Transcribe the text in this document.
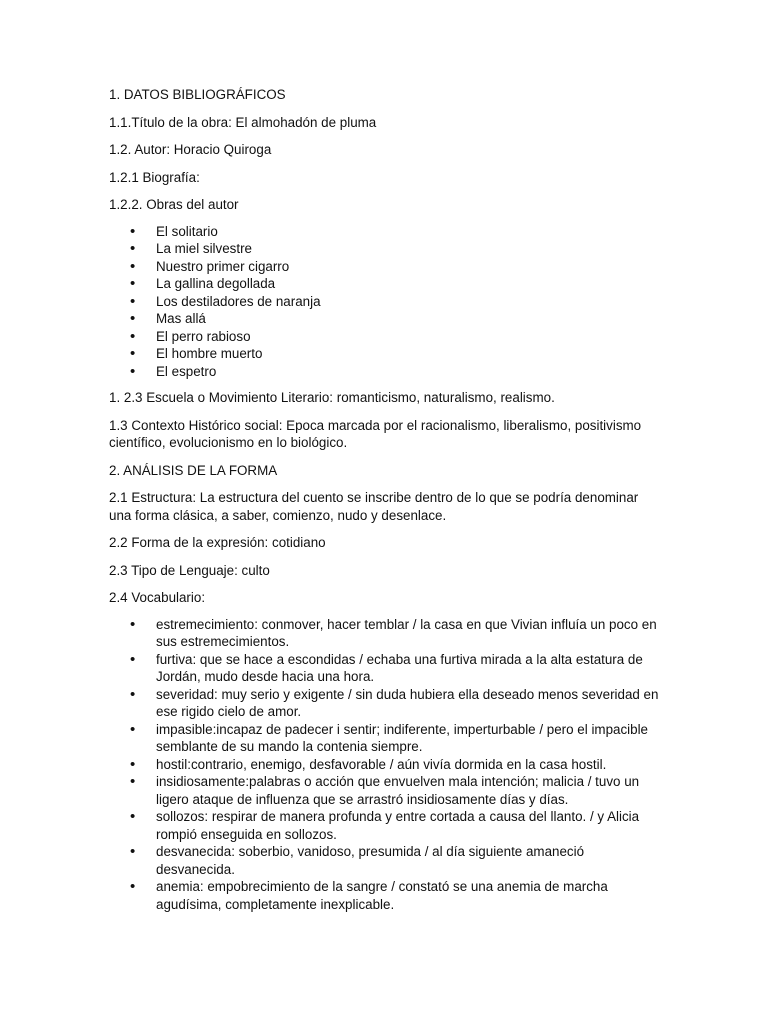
1. DATOS BIBLIOGRÁFICOS

1.1.Título de la obra: El almohadón de pluma

1.2. Autor: Horacio Quiroga

1.2.1 Biografía:

1.2.2. Obras del autor

• El solitario
• La miel silvestre
• Nuestro primer cigarro
• La gallina degollada
• Los destiladores de naranja
• Mas allá
• El perro rabioso
• El hombre muerto
• El espetro

1. 2.3 Escuela o Movimiento Literario: romanticismo, naturalismo, realismo.

1.3 Contexto Histórico social: Epoca marcada por el racionalismo, liberalismo, positivismo científico, evolucionismo en lo biológico.

2. ANÁLISIS DE LA FORMA

2.1 Estructura: La estructura del cuento se inscribe dentro de lo que se podría denominar una forma clásica, a saber, comienzo, nudo y desenlace.

2.2 Forma de la expresión: cotidiano

2.3 Tipo de Lenguaje: culto

2.4 Vocabulario:

• estremecimiento: conmover, hacer temblar / la casa en que Vivian influía un poco en sus estremecimientos.
• furtiva: que se hace a escondidas / echaba una furtiva mirada a la alta estatura de Jordán, mudo desde hacia una hora.
• severidad: muy serio y exigente / sin duda hubiera ella deseado menos severidad en ese rigido cielo de amor.
• impasible:incapaz de padecer i sentir; indiferente, imperturbable / pero el impacible semblante de su mando la contenia siempre.
• hostil:contrario, enemigo, desfavorable / aún vivía dormida en la casa hostil.
• insidiosamente:palabras o acción que envuelven mala intención; malicia / tuvo un ligero ataque de influenza que se arrastró insidiosamente días y días.
• sollozos: respirar de manera profunda y entre cortada a causa del llanto. / y Alicia rompió enseguida en sollozos.
• desvanecida: soberbio, vanidoso, presumida / al día siguiente amaneció desvanecida.
• anemia: empobrecimiento de la sangre / constató se una anemia de marcha agudísima, completamente inexplicable.
